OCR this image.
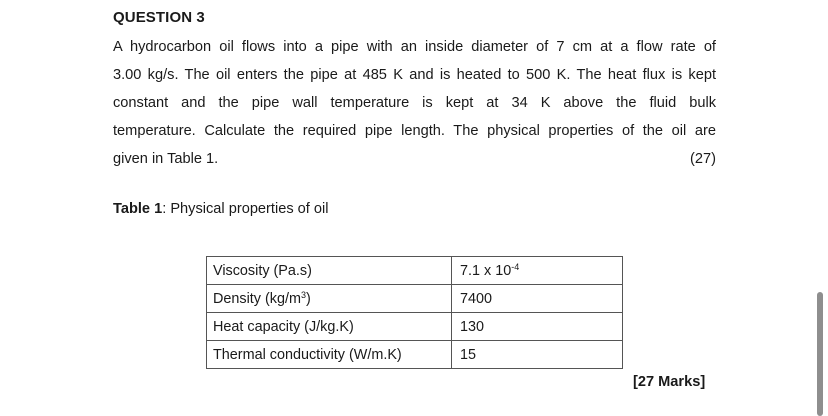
QUESTION 3
A hydrocarbon oil flows into a pipe with an inside diameter of 7 cm at a flow rate of
3.00 kg/s. The oil enters the pipe at 485 K and is heated to 500 K. The heat flux is kept
constant and the pipe wall temperature is kept at 34 K above the fluid bulk
temperature. Calculate the required pipe length. The physical properties of the oil are
given in Table 1.	(27)
Table 1: Physical properties of oil
Viscosity (Pa.s)	7.1 x $10^{-4}$
Density $(kg/m^3)$	7400
Heat capacity (J/kg.K)	130
Thermal conductivity (W/m.K)	15
[27 Marks]
